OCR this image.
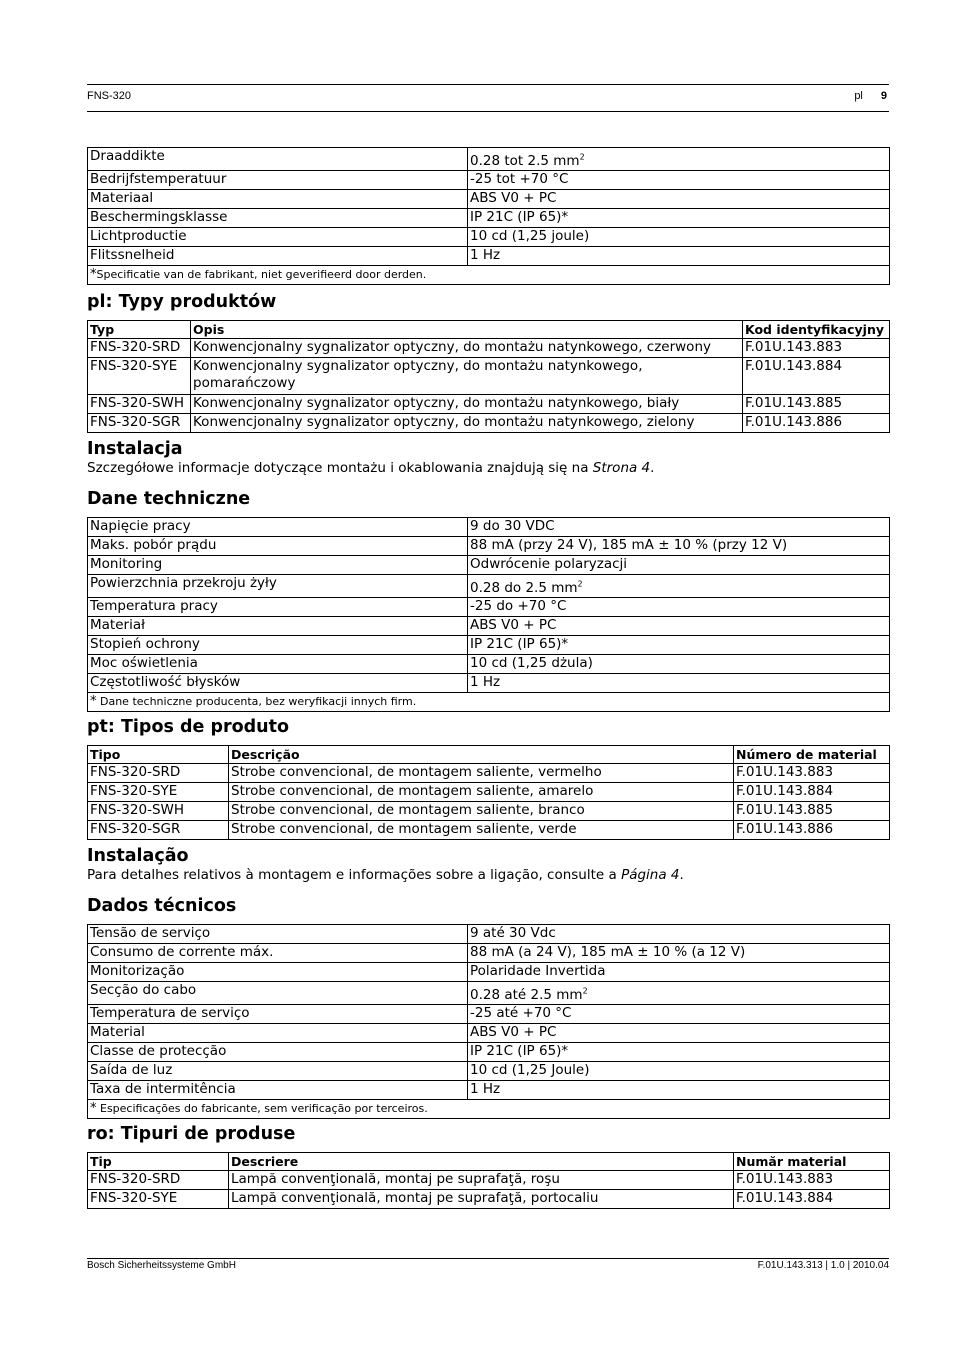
FNS-320	pl 9
Draaddikte	0.28 tot 2.5 $mm^2$
Bedrijfstemperatuur	-25 tot +70 °C
Materiaal	ABS V0 + PC
Beschermingsklasse	IP 21C (IP 65)*
Lichtproductie	10 cd (1,25 joule)
Flitssnelheid	1 Hz
*Specificatie van de fabrikant, niet geverifieerd door derden.	
pl: Typy produktów
Typ	Opis	Kod identyfikacyjny
FNS-320-SRD	Konwencjonalny sygnalizator optyczny, do montażu natynkowego, czerwony	F.01U.143.883
FNS-320-SYE	Konwencjonalny sygnalizator optyczny, do montażu natynkowego, pomarańczowy	F.01U.143.884
FNS-320-SWH	Konwencjonalny sygnalizator optyczny, do montażu natynkowego, biały	F.01U.143.885
FNS-320-SGR	Konwencjonalny sygnalizator optyczny, do montażu natynkowego, zielony	F.01U.143.886
Instalacja

Szczegółowe informacje dotyczące montażu i okablowania znajdują się na Strona 4.

Dane techniczne
Napięcie pracy	9 do 30 VDC
Maks. pobór prądu	88 mA (przy 24 V), 185 mA ± 10 % (przy 12 V)
Monitoring	Odwrócenie polaryzacji
Powierzchnia przekroju żyły	0.28 do 2.5 $mm^2$
Temperatura pracy	-25 do +70 °C
Materiał	ABS V0 + PC
Stopień ochrony	IP 21C (IP 65)*
Moc oświetlenia	10 cd (1,25 dżula)
Częstotliwość błysków	1 Hz
* Dane techniczne producenta, bez weryfikacji innych firm.	
pt: Tipos de produto
Tipo	Descrição	Número de material
FNS-320-SRD	Strobe convencional, de montagem saliente, vermelho	F.01U.143.883
FNS-320-SYE	Strobe convencional, de montagem saliente, amarelo	F.01U.143.884
FNS-320-SWH	Strobe convencional, de montagem saliente, branco	F.01U.143.885
FNS-320-SGR	Strobe convencional, de montagem saliente, verde	F.01U.143.886
Instalação

Para detalhes relativos à montagem e informações sobre a ligação, consulte a Página 4.

Dados técnicos
Tensão de serviço	9 até 30 Vdc
Consumo de corrente máx.	88 mA (a 24 V), 185 mA ± 10 % (a 12 V)
Monitorização	Polaridade Invertida
Secção do cabo	0.28 até 2.5 $mm^2$
Temperatura de serviço	-25 até +70 °C
Material	ABS V0 + PC
Classe de protecção	IP 21C (IP 65)*
Saída de luz	10 cd (1,25 Joule)
Taxa de intermitência	1 Hz
* Especificações do fabricante, sem verificação por terceiros.	
ro: Tipuri de produse
Tip	Descriere	Număr material
FNS-320-SRD	Lampă convenţională, montaj pe suprafaţă, roşu	F.01U.143.883
FNS-320-SYE	Lampă convenţională, montaj pe suprafaţă, portocaliu	F.01U.143.884
Bosch Sicherheitssysteme GmbH	F.01U.143.313 | 1.0 | 2010.04
